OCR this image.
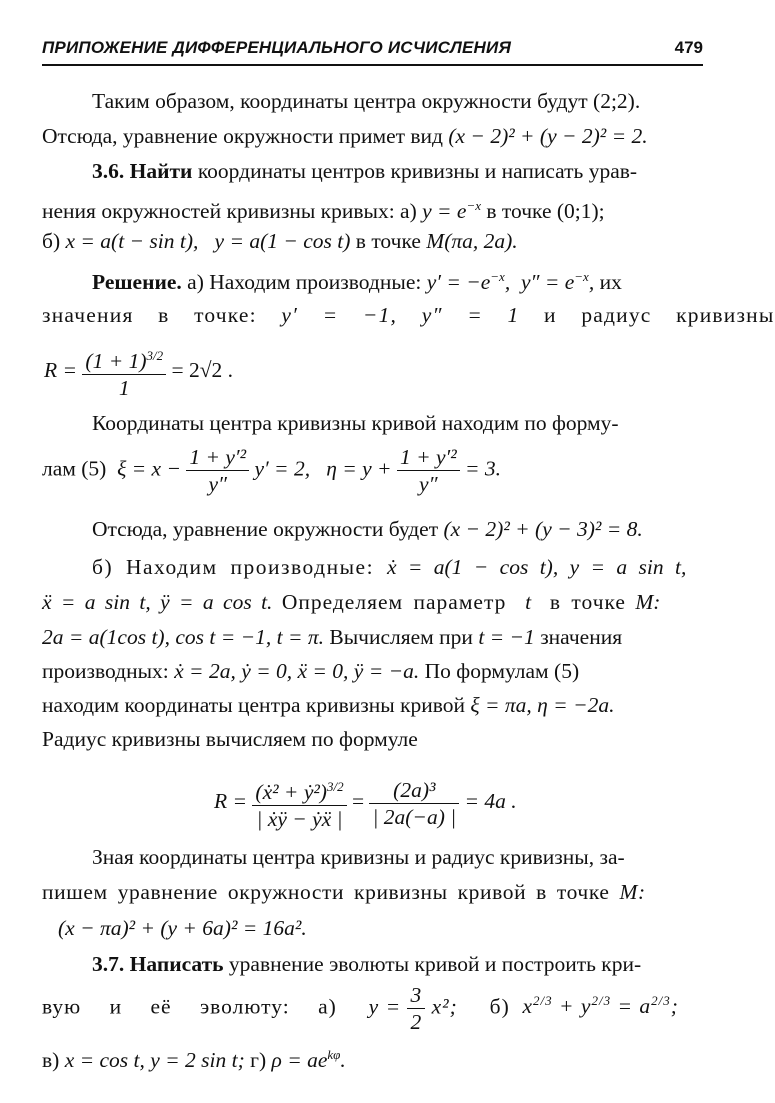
ПРИПОЖЕНИЕ ДИФФЕРЕНЦИАЛЬНОГО ИСЧИСЛЕНИЯ	479
Таким образом, координаты центра окружности будут (2;2).
Отсюда, уравнение окружности примет вид (x − 2)² + (y − 2)² = 2.
3.6. Найти координаты центров кривизны и написать урав-
нения окружностей кривизны кривых: а) $y = e^{-x}$ в точке (0;1);
б) x = a(t − sin t), y = a(1 − cos t) в точке M(πa, 2a).
Решение. а) Находим производные: $y' = -e^{-x}$, $y'' = e^{-x}$, их
значения в точке: y′ = −1, y″ = 1 и радиус кривизны
$R = \frac{(1 + 1)^{3/2}}{1} = 2√2$ .
Координаты центра кривизны кривой находим по форму-
лам (5) $\xi = x - \frac{\text{1 + y′²}}{y''} y' = 2$, $\eta = y + \frac{\text{1 + y′²}}{y''} = 3$.
Отсюда, уравнение окружности будет (x − 2)² + (y − 3)² = 8.
б) Находим производные: ẋ = a(1 − cos t), y = a sin t,
ẍ = a sin t, ÿ = a cos t. Определяем параметр t в точке M:
2a = a(1cos t), cos t = −1, t = π. Вычисляем при t = −1 значения
производных: ẋ = 2a, ẏ = 0, ẍ = 0, ÿ = −a. По формулам (5)
находим координаты центра кривизны кривой ξ = πa, η = −2a.
Радиус кривизны вычисляем по формуле
$R = \frac{(ẋ^2 + ẏ^2)^{3/2}}{\text{| ẋÿ − ẏẍ |}} = \frac{\text{(2a)³}}{| 2a(-a) |} = 4a$ .
Зная координаты центра кривизны и радиус кривизны, за-
пишем уравнение окружности кривизны кривой в точке M:
(x − πa)² + (y + 6a)² = 16a².
3.7. Написать уравнение эволюты кривой и построить кри-
вую и её эволюту: а) $y = \frac{3}{2} x^2$; б) $x^{2/3} + y^{2/3} = a^{2/3}$;
в) x = cos t, y = 2 sin t; г) $\rho = ae^{k\varphi}$.
